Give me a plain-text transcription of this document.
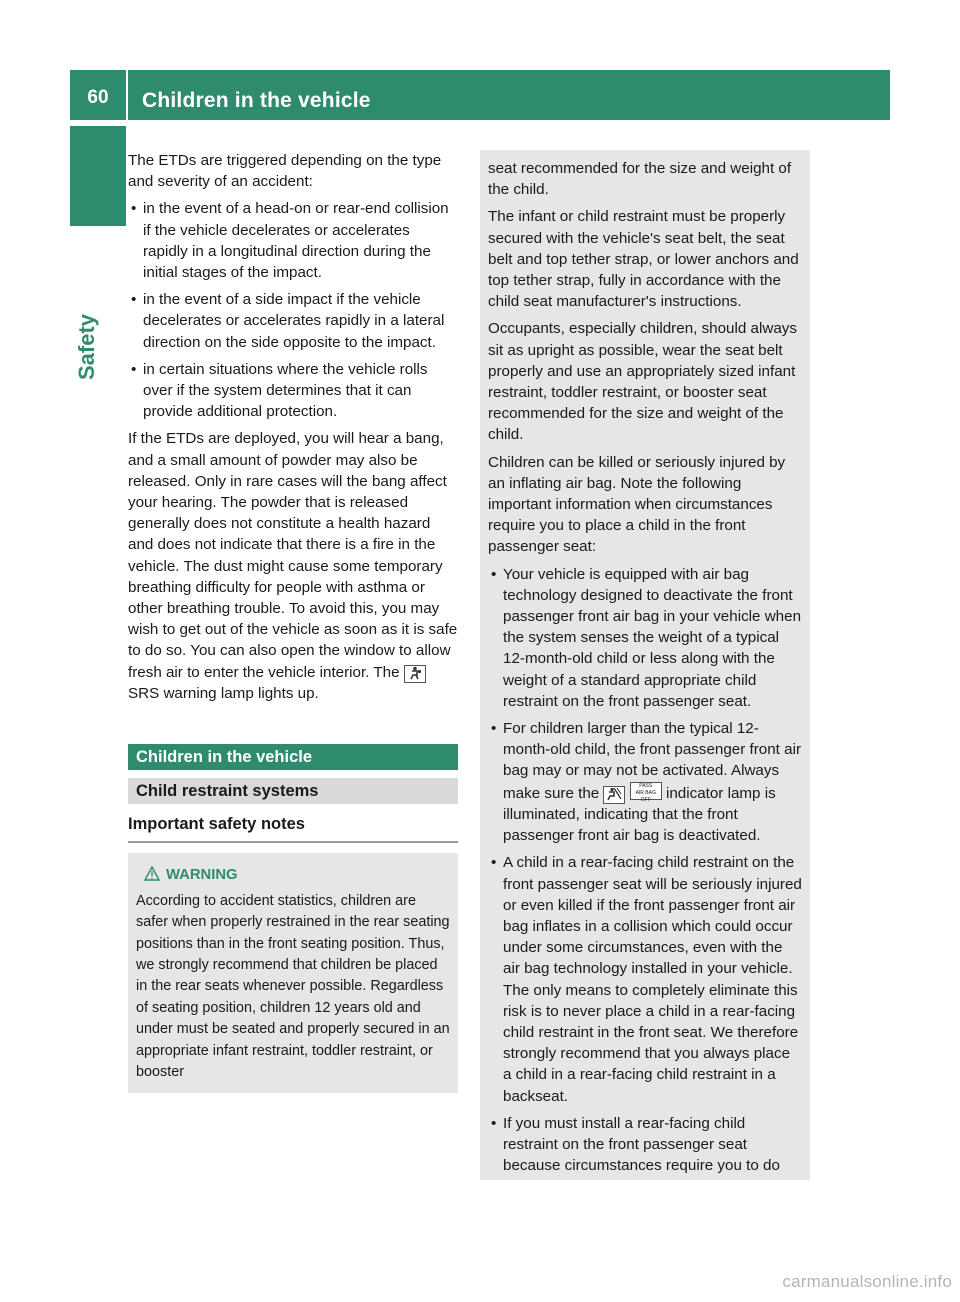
60	Children in the vehicle
Safety

The ETDs are triggered depending on the type and severity of an accident:

• in the event of a head-on or rear-end collision if the vehicle decelerates or accelerates rapidly in a longitudinal direction during the initial stages of the impact.
• in the event of a side impact if the vehicle decelerates or accelerates rapidly in a lateral direction on the side opposite to the impact.
• in certain situations where the vehicle rolls over if the system determines that it can provide additional protection.

If the ETDs are deployed, you will hear a bang, and a small amount of powder may also be released. Only in rare cases will the bang affect your hearing. The powder that is released generally does not constitute a health hazard and does not indicate that there is a fire in the vehicle. The dust might cause some temporary breathing difficulty for people with asthma or other breathing trouble. To avoid this, you may wish to get out of the vehicle as soon as it is safe to do so. You can also open the window to allow fresh air to enter the vehicle interior. The  SRS warning lamp lights up.

Children in the vehicle
Child restraint systems
Important safety notes
WARNING
According to accident statistics, children are safer when properly restrained in the rear seating positions than in the front seating position. Thus, we strongly recommend that children be placed in the rear seats whenever possible. Regardless of seating position, children 12 years old and under must be seated and properly secured in an appropriate infant restraint, toddler restraint, or booster

seat recommended for the size and weight of the child.

The infant or child restraint must be properly secured with the vehicle's seat belt, the seat belt and top tether strap, or lower anchors and top tether strap, fully in accordance with the child seat manufacturer's instructions.

Occupants, especially children, should always sit as upright as possible, wear the seat belt properly and use an appropriately sized infant restraint, toddler restraint, or booster seat recommended for the size and weight of the child.

Children can be killed or seriously injured by an inflating air bag. Note the following important information when circumstances require you to place a child in the front passenger seat:

• Your vehicle is equipped with air bag technology designed to deactivate the front passenger front air bag in your vehicle when the system senses the weight of a typical 12-month-old child or less along with the weight of a standard appropriate child restraint on the front passenger seat.
• For children larger than the typical 12-month-old child, the front passenger front air bag may or may not be activated. Always make sure the	PASS
AIR BAG OFF indicator lamp is illuminated, indicating that the front passenger front air bag is deactivated.
• A child in a rear-facing child restraint on the front passenger seat will be seriously injured or even killed if the front passenger front air bag inflates in a collision which could occur under some circumstances, even with the air bag technology installed in your vehicle. The only means to completely eliminate this risk is to never place a child in a rear-facing child restraint in the front seat. We therefore strongly recommend that you always place a child in a rear-facing child restraint in a backseat.
• If you must install a rear-facing child restraint on the front passenger seat because circumstances require you to do
carmanualsonline.info
